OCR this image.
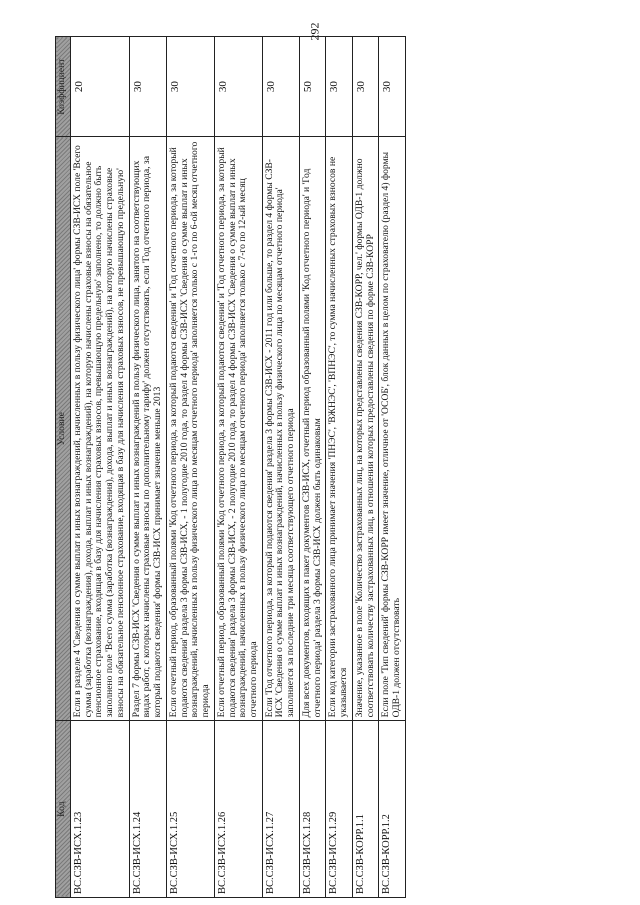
292
Код	Условие	Коэффициент
ВС.СЗВ-ИСХ.1.23	Если в разделе 4 'Сведения о сумме выплат и иных вознаграждений, начисленных в пользу физического лица' формы СЗВ-ИСХ поле 'Всего сумма (заработка (вознаграждения), дохода, выплат и иных вознаграждений), на которую начислены страховые взносы на обязательное пенсионное страхование, входящая в базу для начисления страховых взносов, превышающую предельную' заполнено, то должно быть заполнено поле 'Всего сумма (заработка (вознаграждения), дохода, выплат и иных вознаграждений), на которую начислены страховые взносы на обязательное пенсионное страхование, входящая в базу для начисления страховых взносов, не превышающую предельную'	20
ВС.СЗВ-ИСХ.1.24	Раздел 7 формы СЗВ-ИСХ 'Сведения о сумме выплат и иных вознаграждений в пользу физического лица, занятого на соответствующих видах работ, с которых начислены страховые взносы по дополнительному тарифу' должен отсутствовать, если 'Год отчетного периода, за который подаются сведения' формы СЗВ-ИСХ принимает значение меньше 2013	30
ВС.СЗВ-ИСХ.1.25	Если отчетный период, образованный полями 'Код отчетного периода, за который подаются сведения' и 'Год отчетного периода, за который подаются сведения' раздела 3 формы СЗВ-ИСХ, - 1 полугодие 2010 года, то раздел 4 формы СЗВ-ИСХ 'Сведения о сумме выплат и иных вознаграждений, начисленных в пользу физического лица по месяцам отчетного периода' заполняется только с 1-го по 6-ой месяц отчетного периода	30
ВС.СЗВ-ИСХ.1.26	Если отчетный период, образованный полями 'Код отчетного периода, за который подаются сведения' и 'Год отчетного периода, за который подаются сведения' раздела 3 формы СЗВ-ИСХ, - 2 полугодие 2010 года, то раздел 4 формы СЗВ-ИСХ 'Сведения о сумме выплат и иных вознаграждений, начисленных в пользу физического лица по месяцам отчетного периода' заполняется только с 7-го по 12-ый месяц отчетного периода	30
ВС.СЗВ-ИСХ.1.27	Если 'Год отчетного периода, за который подаются сведения' раздела 3 формы СЗВ-ИСХ - 2011 год или больше, то раздел 4 формы СЗВ-ИСХ 'Сведения о сумме выплат и иных вознаграждений, начисленных в пользу физического лица по месяцам отчетного периода' заполняется за последние три месяца соответствующего отчетного периода	30
ВС.СЗВ-ИСХ.1.28	Для всех документов, входящих в пакет документов СЗВ-ИСХ, отчетный период образованный полями 'Код отчетного периода' и 'Год отчетного периода' раздела 3 формы СЗВ-ИСХ должен быть одинаковым	50
ВС.СЗВ-ИСХ.1.29	Если код категории застрахованного лица принимает значения 'ПНЭС', 'ВЖНЭС', 'ВПНЭС', то сумма начисленных страховых взносов не указывается	30
ВС.СЗВ-КОРР.1.1	Значение, указанное в поле 'Количество застрахованных лиц, на которых представлены сведения СЗВ-КОРР, чел.' формы ОДВ-1 должно соответствовать количеству застрахованных лиц, в отношении которых предоставлены сведения по форме СЗВ-КОРР	30
ВС.СЗВ-КОРР.1.2	Если поле 'Тип сведений' формы СЗВ-КОРР имеет значение, отличное от 'ОСОБ', блок данных в целом по страхователю (раздел 4) формы ОДВ-1 должен отсутствовать	30
